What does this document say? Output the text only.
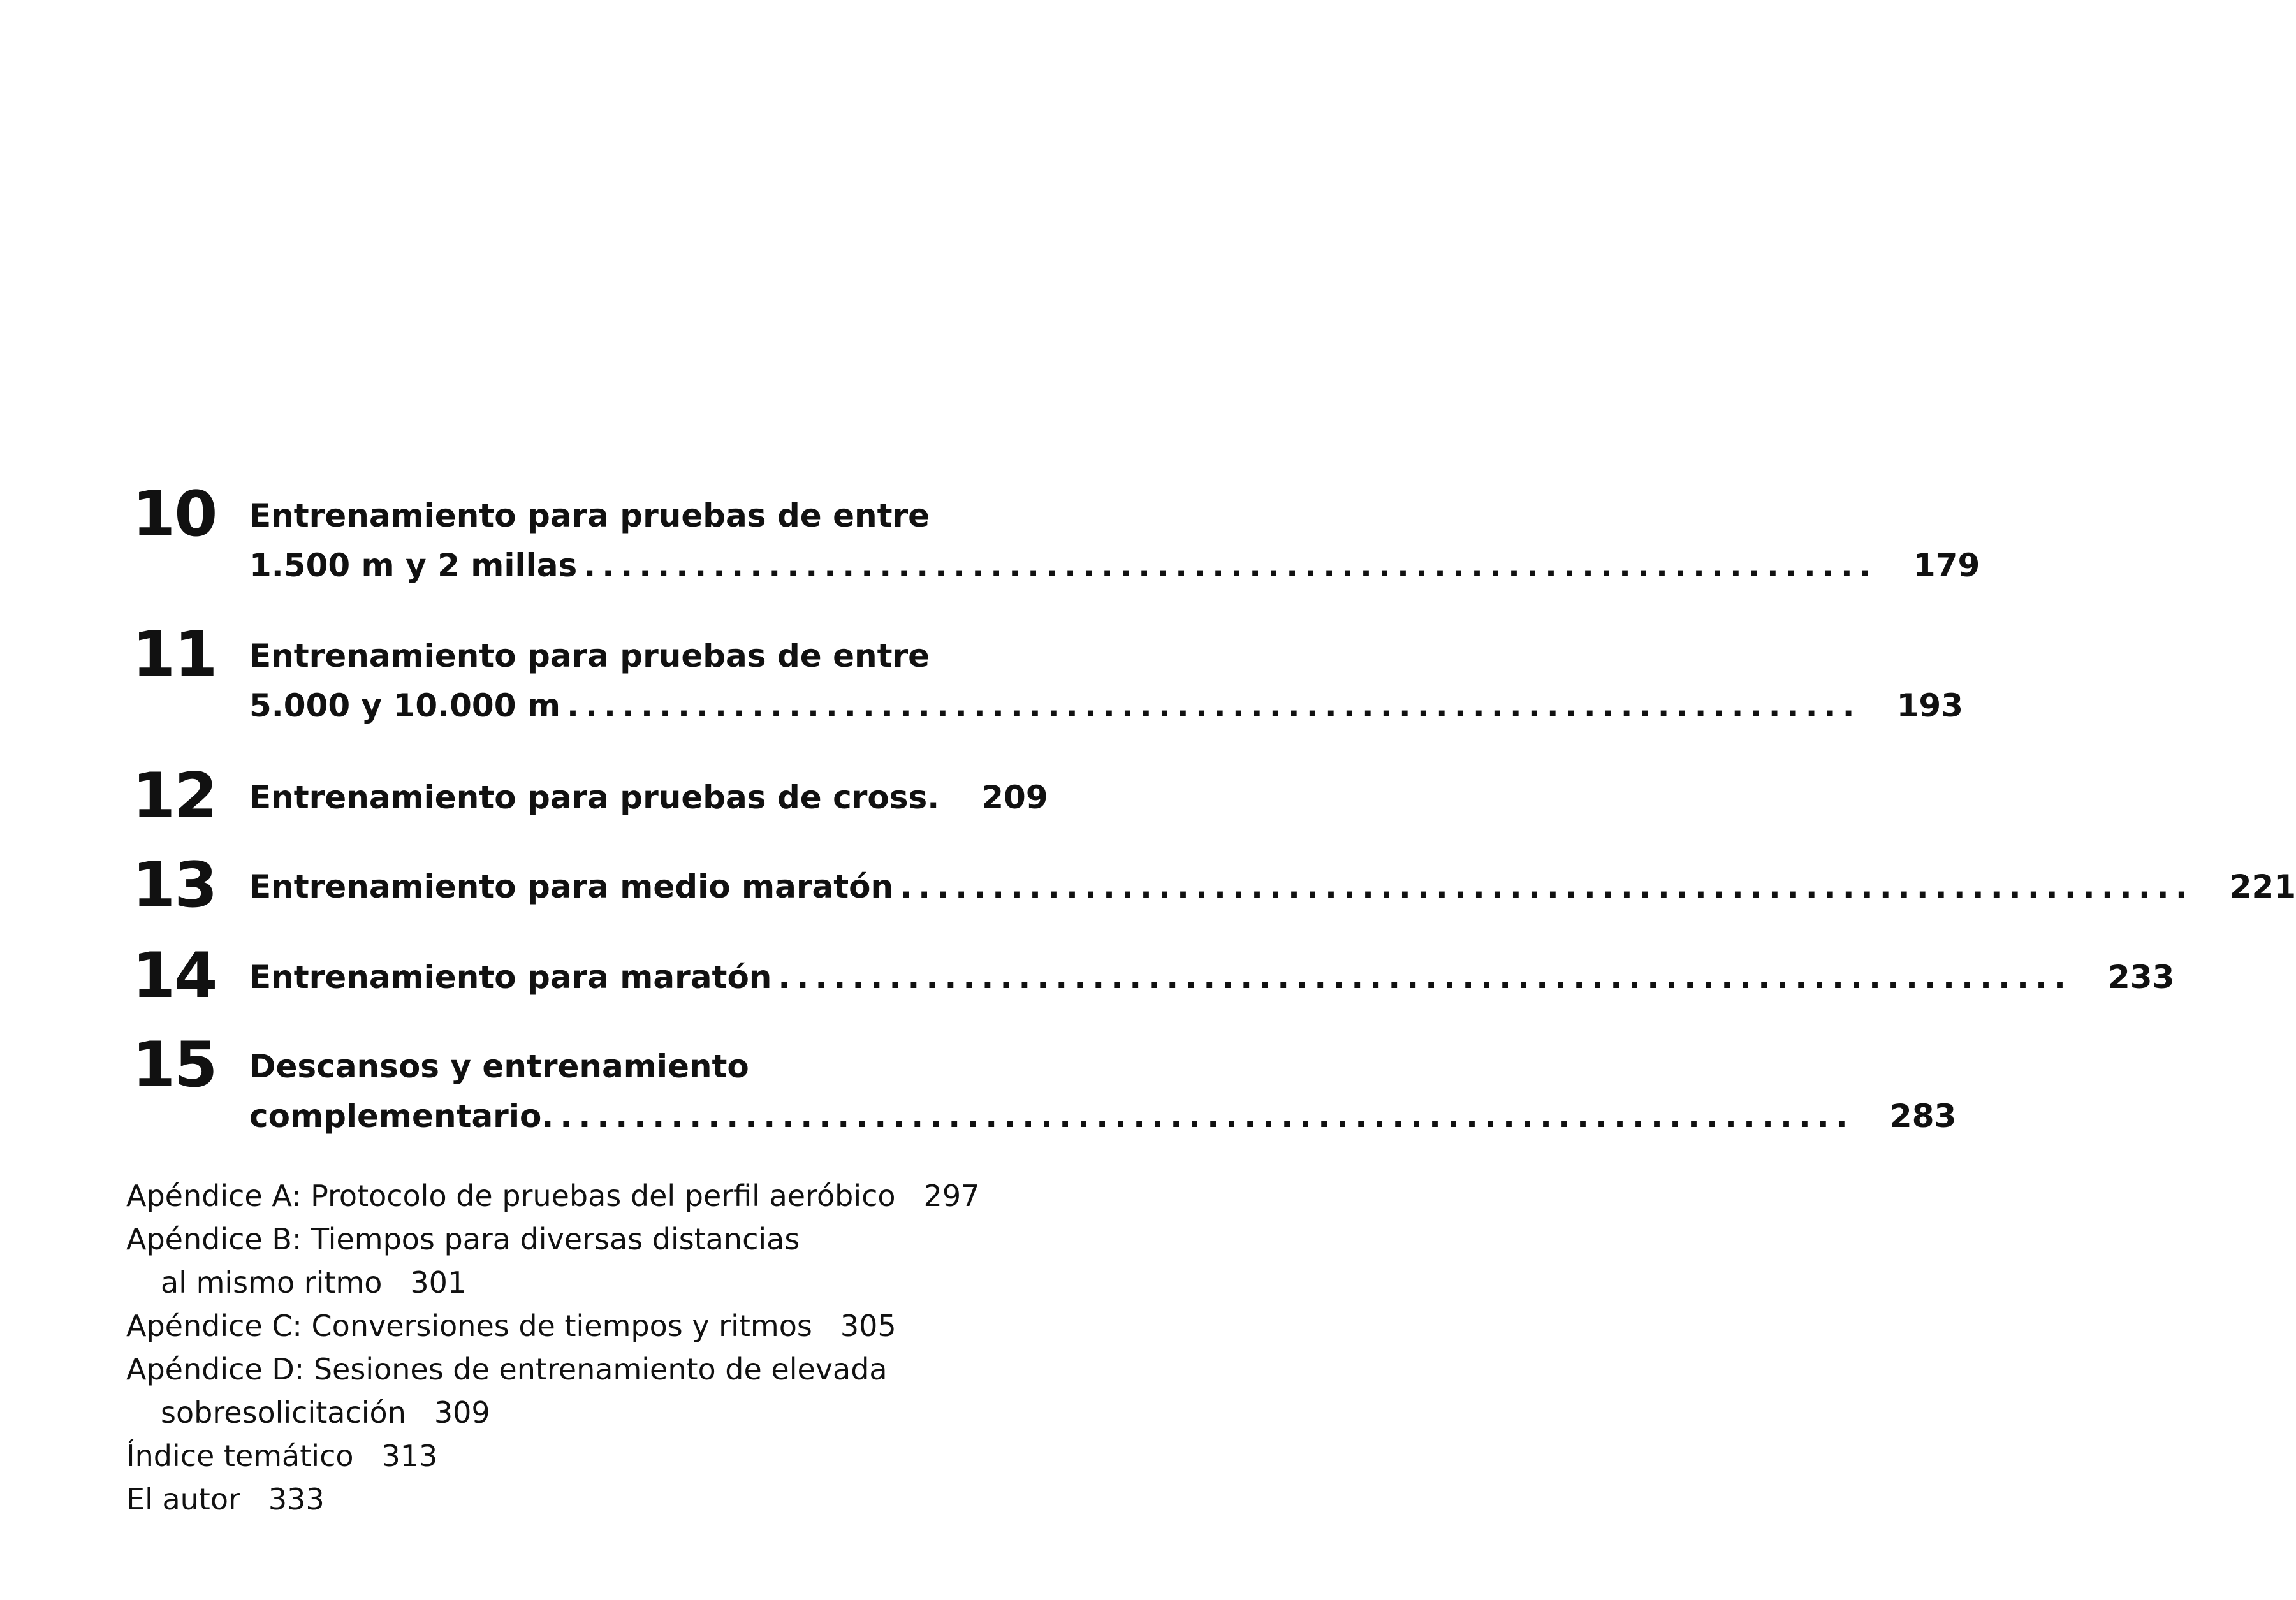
10 Entrenamiento para pruebas de entre
1.500 m y 2 millas ...................................................................... 179
11 Entrenamiento para pruebas de entre
5.000 y 10.000 m ...................................................................... 193
12 Entrenamiento para pruebas de cross. 209
13 Entrenamiento para medio maratón ...................................................................... 221
14 Entrenamiento para maratón ...................................................................... 233
15 Descansos y entrenamiento
complementario. ...................................................................... 283
Apéndice A: Protocolo de pruebas del perfil aeróbico 297
Apéndice B: Tiempos para diversas distancias
al mismo ritmo 301
Apéndice C: Conversiones de tiempos y ritmos 305
Apéndice D: Sesiones de entrenamiento de elevada
sobresolicitación 309
Índice temático 313
El autor 333
